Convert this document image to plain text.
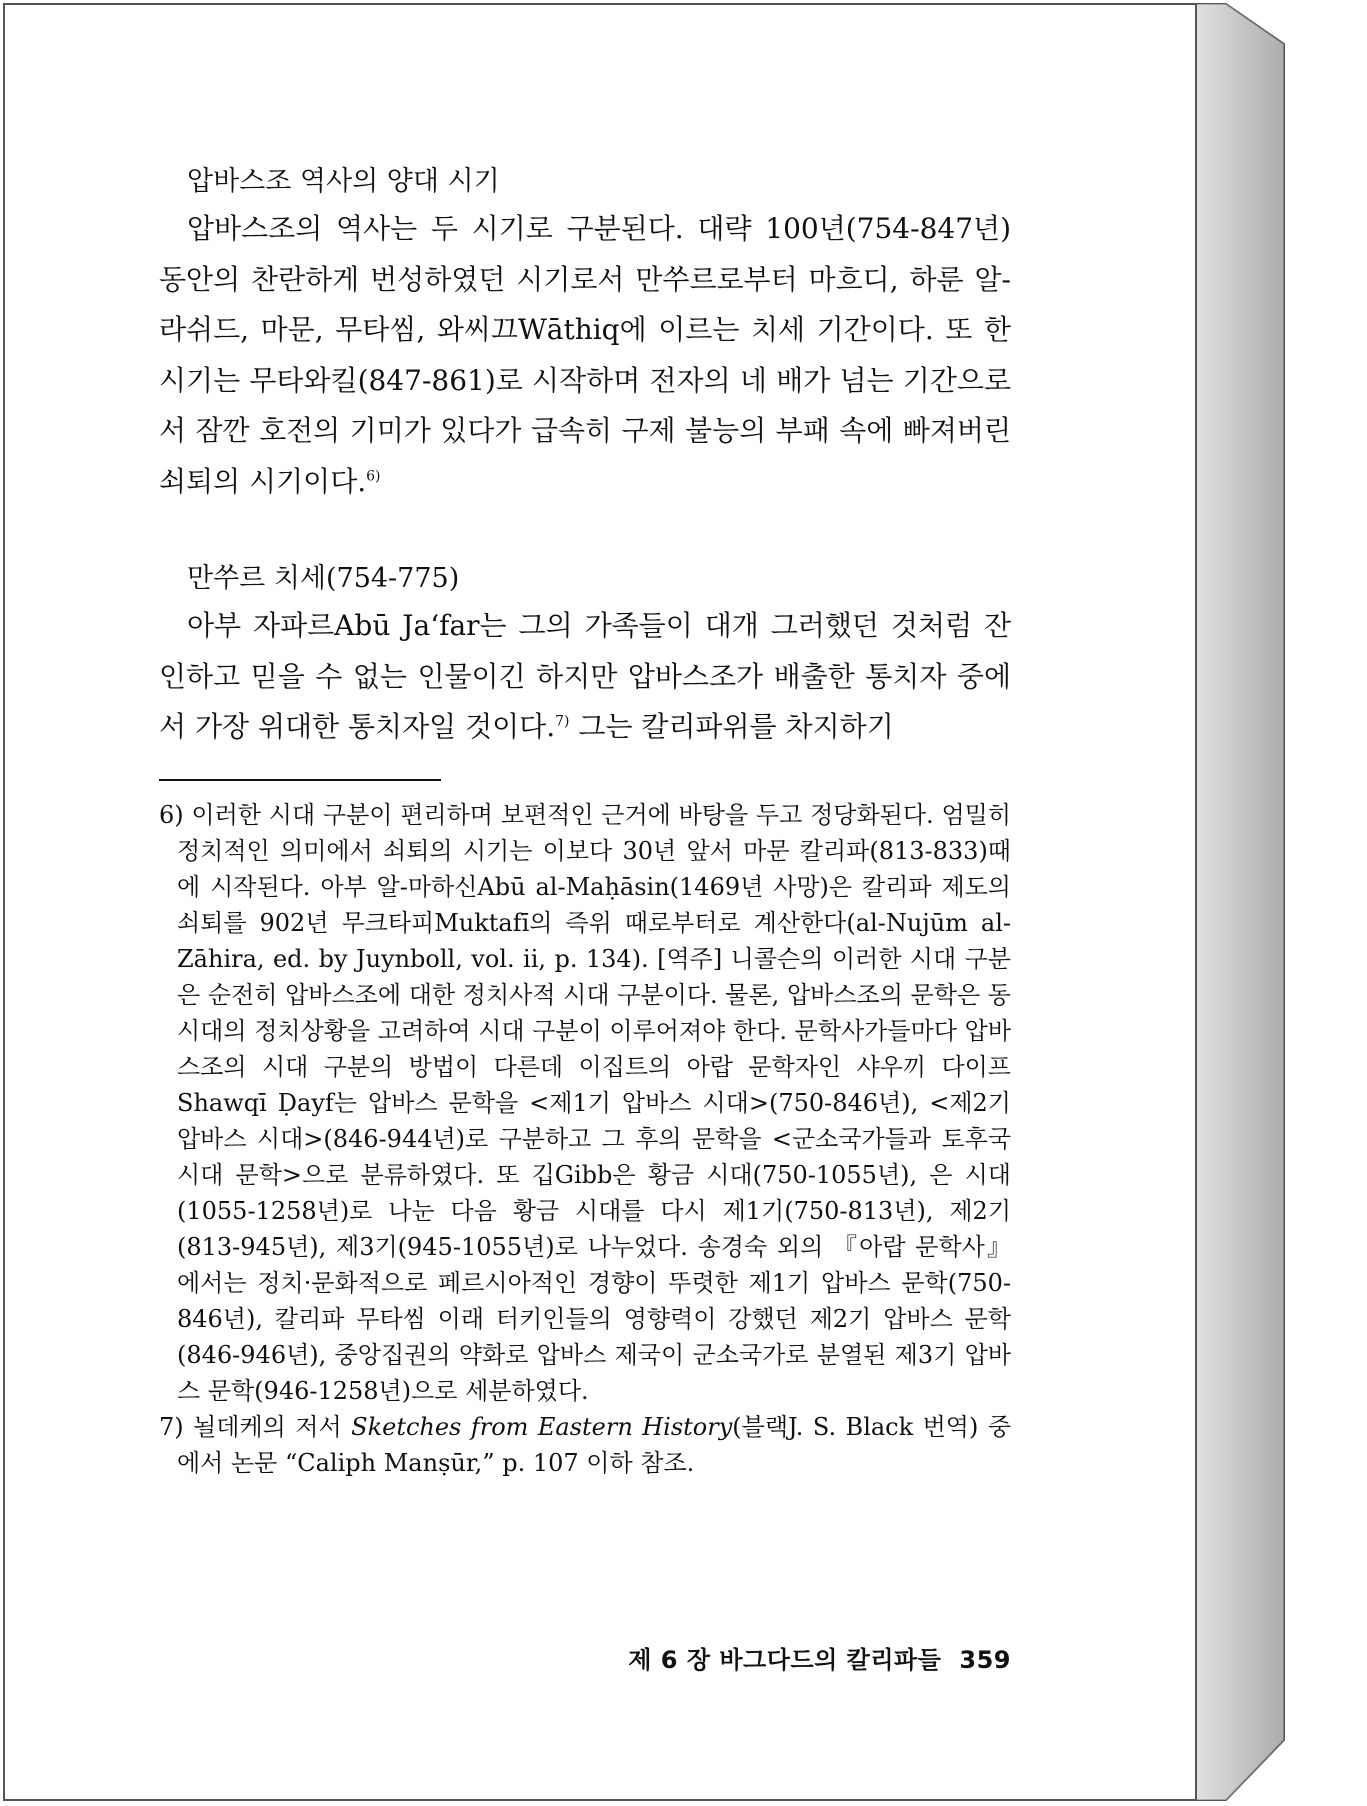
압바스조 역사의 양대 시기

압바스조의 역사는 두 시기로 구분된다. 대략 100년(754-847년) 동안의 찬란하게 번성하였던 시기로서 만쑤르로부터 마흐디, 하룬 알-라쉬드, 마문, 무타씸, 와씨끄Wāthiq에 이르는 치세 기간이다. 또 한 시기는 무타와킬(847-861)로 시작하며 전자의 네 배가 넘는 기간으로서 잠깐 호전의 기미가 있다가 급속히 구제 불능의 부패 속에 빠져버린 쇠퇴의 시기이다.$^{6)}$

만쑤르 치세(754-775)

아부 자파르Abū Ja‘far는 그의 가족들이 대개 그러했던 것처럼 잔인하고 믿을 수 없는 인물이긴 하지만 압바스조가 배출한 통치자 중에서 가장 위대한 통치자일 것이다.$^{7)}$ 그는 칼리파위를 차지하기

6) 이러한 시대 구분이 편리하며 보편적인 근거에 바탕을 두고 정당화된다. 엄밀히 정치적인 의미에서 쇠퇴의 시기는 이보다 30년 앞서 마문 칼리파(813-833)때에 시작된다. 아부 알-마하신Abū al-Maḥāsin(1469년 사망)은 칼리파 제도의 쇠퇴를 902년 무크타피Muktafī의 즉위 때로부터로 계산한다(al-Nujūm al-Zāhira, ed. by Juynboll, vol. ii, p. 134). [역주] 니콜슨의 이러한 시대 구분은 순전히 압바스조에 대한 정치사적 시대 구분이다. 물론, 압바스조의 문학은 동시대의 정치상황을 고려하여 시대 구분이 이루어져야 한다. 문학사가들마다 압바스조의 시대 구분의 방법이 다른데 이집트의 아랍 문학자인 샤우끼 다이프 Shawqī Ḍayf는 압바스 문학을 <제1기 압바스 시대>(750-846년), <제2기 압바스 시대>(846-944년)로 구분하고 그 후의 문학을 <군소국가들과 토후국 시대 문학>으로 분류하였다. 또 깁Gibb은 황금 시대(750-1055년), 은 시대(1055-1258년)로 나눈 다음 황금 시대를 다시 제1기(750-813년), 제2기(813-945년), 제3기(945-1055년)로 나누었다. 송경숙 외의 『아랍 문학사』에서는 정치·문화적으로 페르시아적인 경향이 뚜렷한 제1기 압바스 문학(750-846년), 칼리파 무타씸 이래 터키인들의 영향력이 강했던 제2기 압바스 문학(846-946년), 중앙집권의 약화로 압바스 제국이 군소국가로 분열된 제3기 압바스 문학(946-1258년)으로 세분하였다.

7) 뇔데케의 저서 Sketches from Eastern History(블랙J. S. Black 번역) 중에서 논문 “Caliph Manṣūr,” p. 107 이하 참조.

제 6 장 바그다드의 칼리파들 359
